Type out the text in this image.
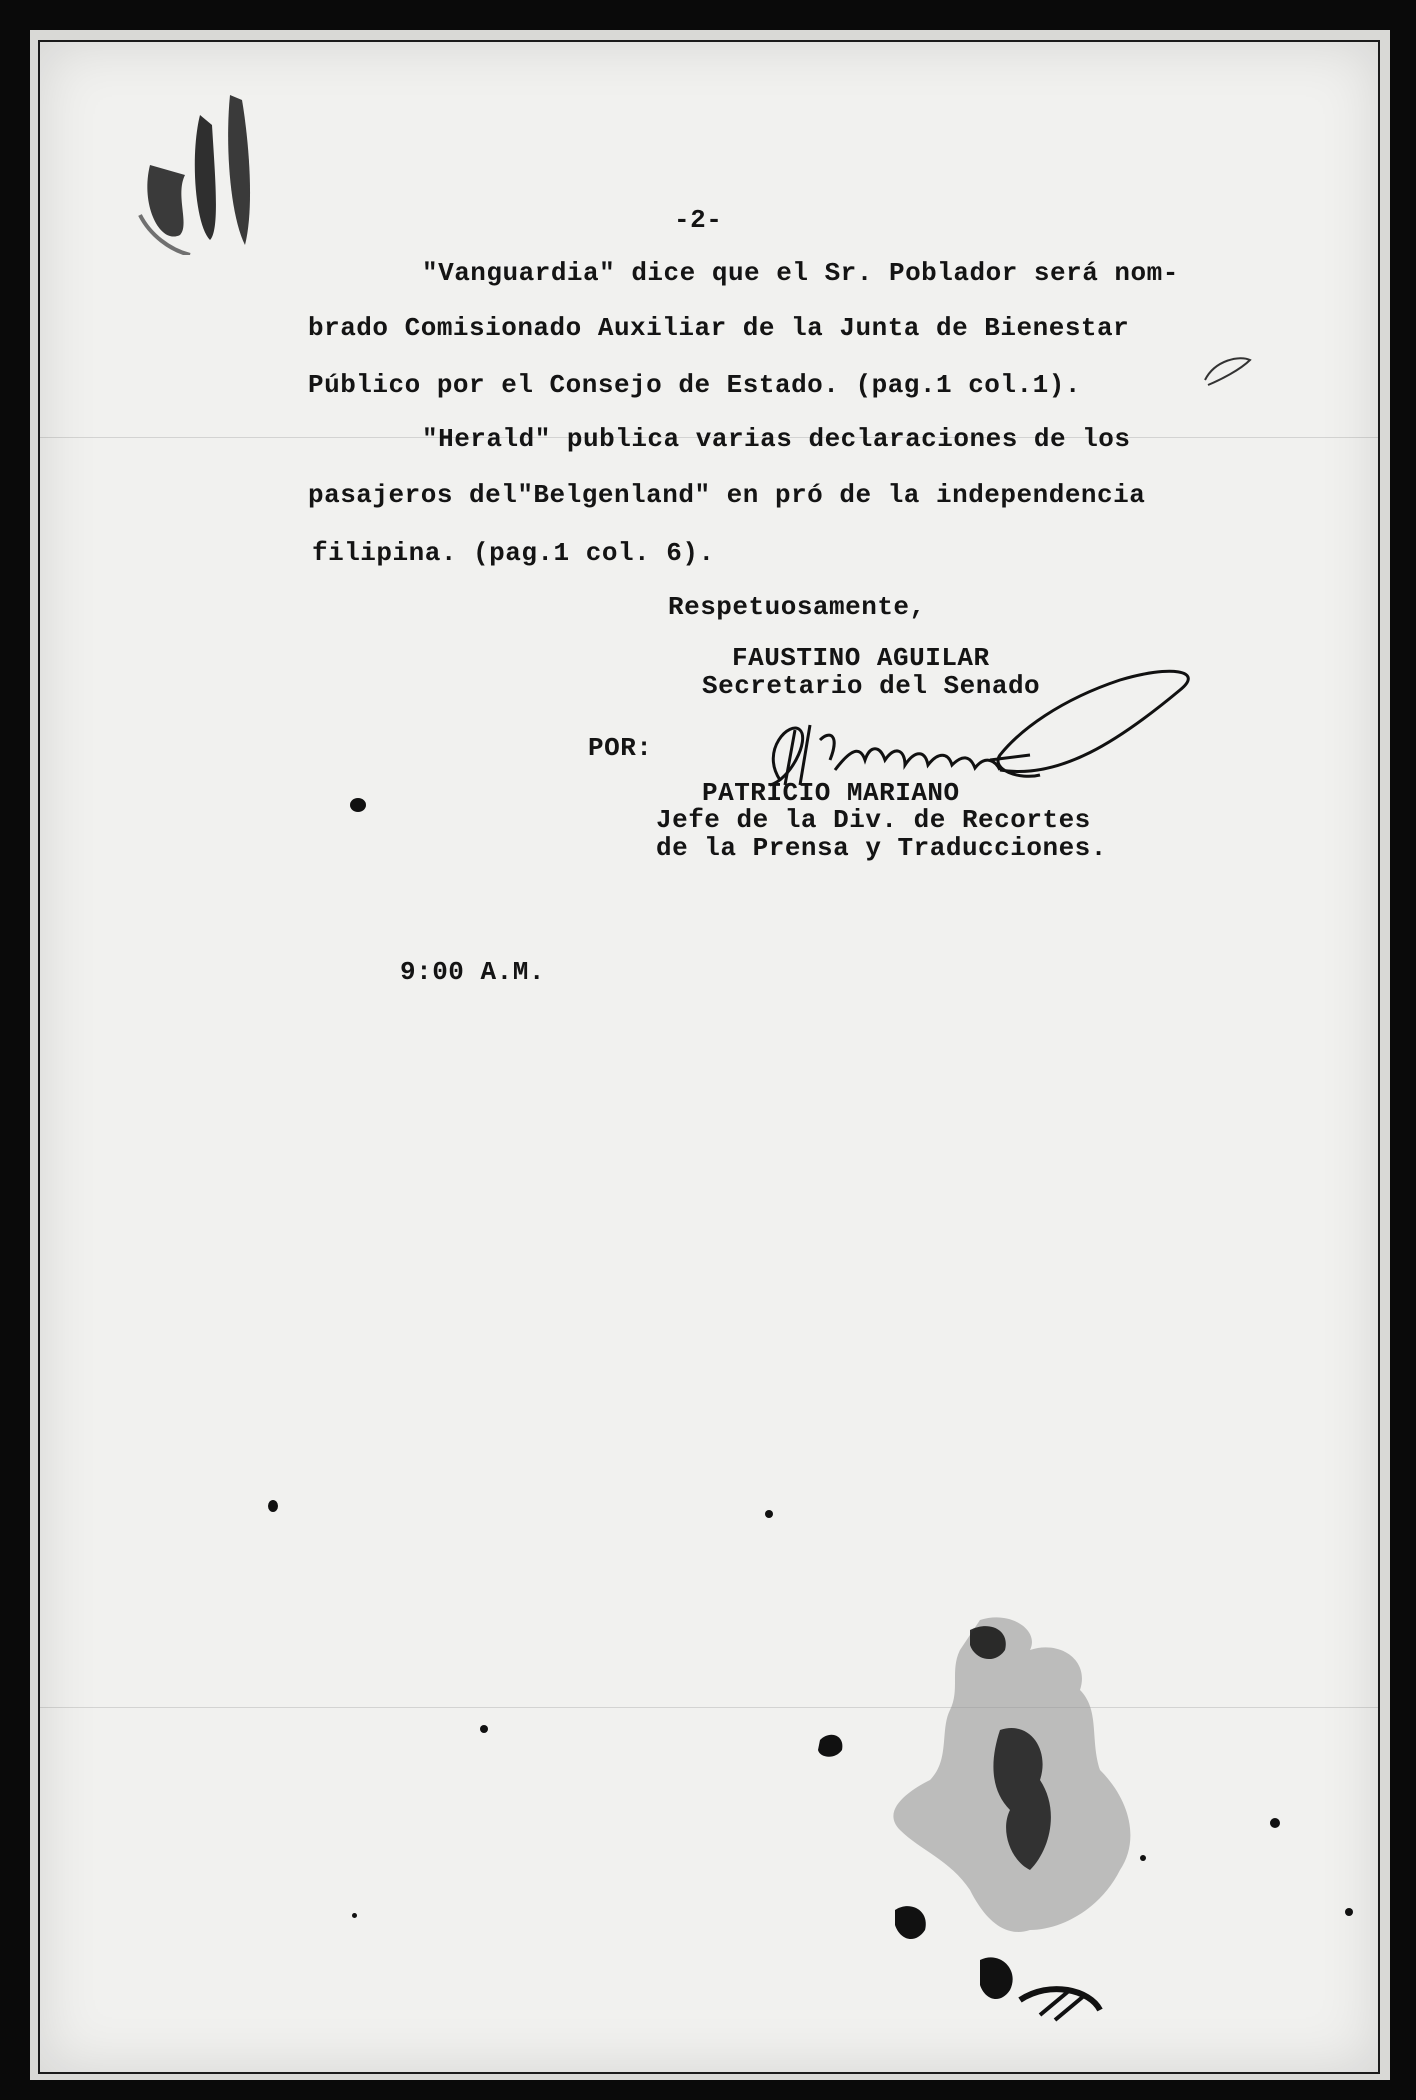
-2-
"Vanguardia" dice que el Sr. Poblador será nom-
brado Comisionado Auxiliar de la Junta de Bienestar
Público por el Consejo de Estado. (pag.1 col.1).
"Herald" publica varias declaraciones de los
pasajeros del"Belgenland" en pró de la independencia
filipina. (pag.1 col. 6).
Respetuosamente,
FAUSTINO AGUILAR
Secretario del Senado
POR:
PATRICIO MARIANO
Jefe de la Div. de Recortes
de la Prensa y Traducciones.
9:00 A.M.
